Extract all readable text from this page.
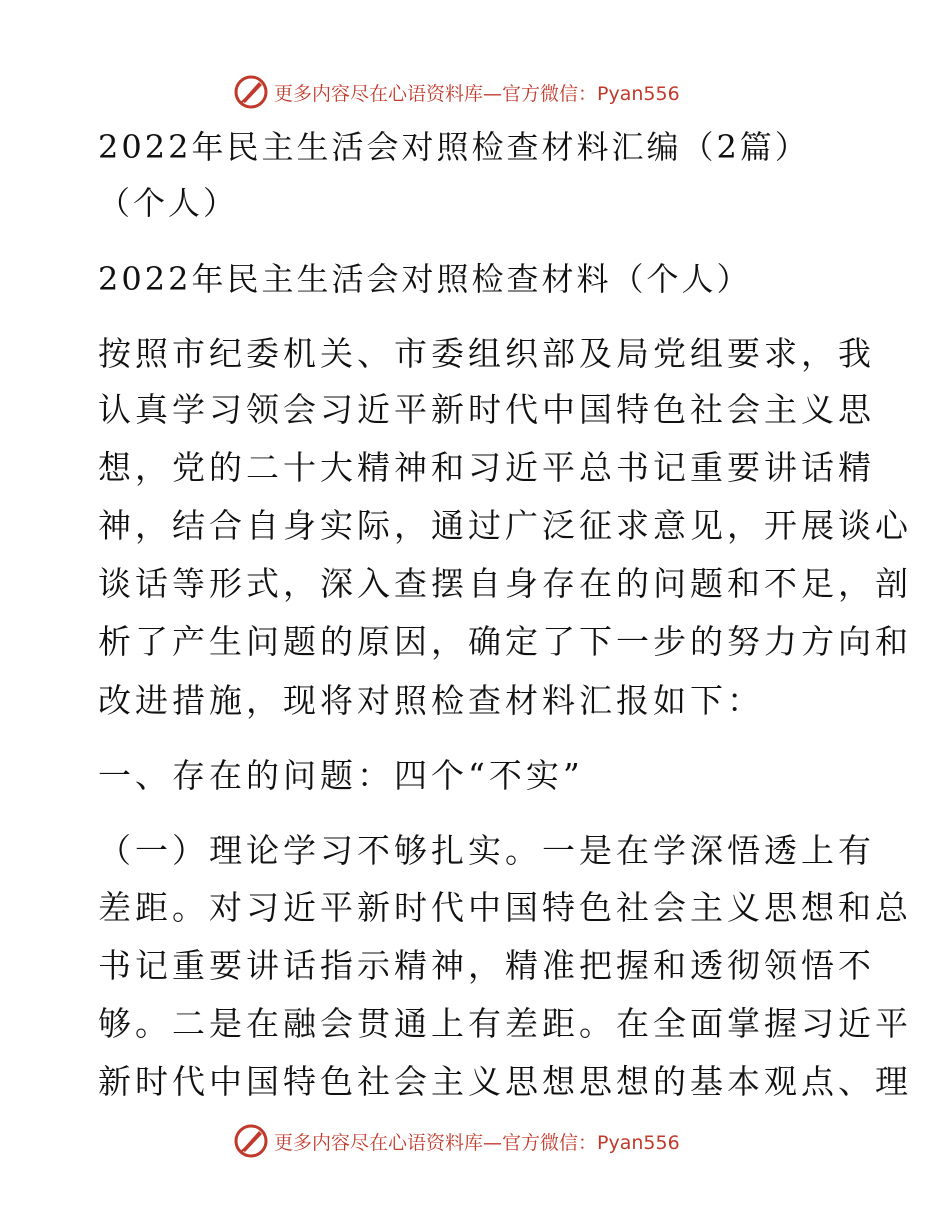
更多内容尽在心语资料库—官方微信：Pyan556
2022年民主生活会对照检查材料汇编（2篇）
（个人）
2022年民主生活会对照检查材料（个人）
按照市纪委机关、市委组织部及局党组要求，我
认真学习领会习近平新时代中国特色社会主义思
想，党的二十大精神和习近平总书记重要讲话精
神，结合自身实际，通过广泛征求意见，开展谈心
谈话等形式，深入查摆自身存在的问题和不足，剖
析了产生问题的原因，确定了下一步的努力方向和
改进措施，现将对照检查材料汇报如下：
一、存在的问题：四个“不实”
（一）理论学习不够扎实。一是在学深悟透上有
差距。对习近平新时代中国特色社会主义思想和总
书记重要讲话指示精神，精准把握和透彻领悟不
够。二是在融会贯通上有差距。在全面掌握习近平
新时代中国特色社会主义思想思想的基本观点、理
更多内容尽在心语资料库—官方微信：Pyan556
